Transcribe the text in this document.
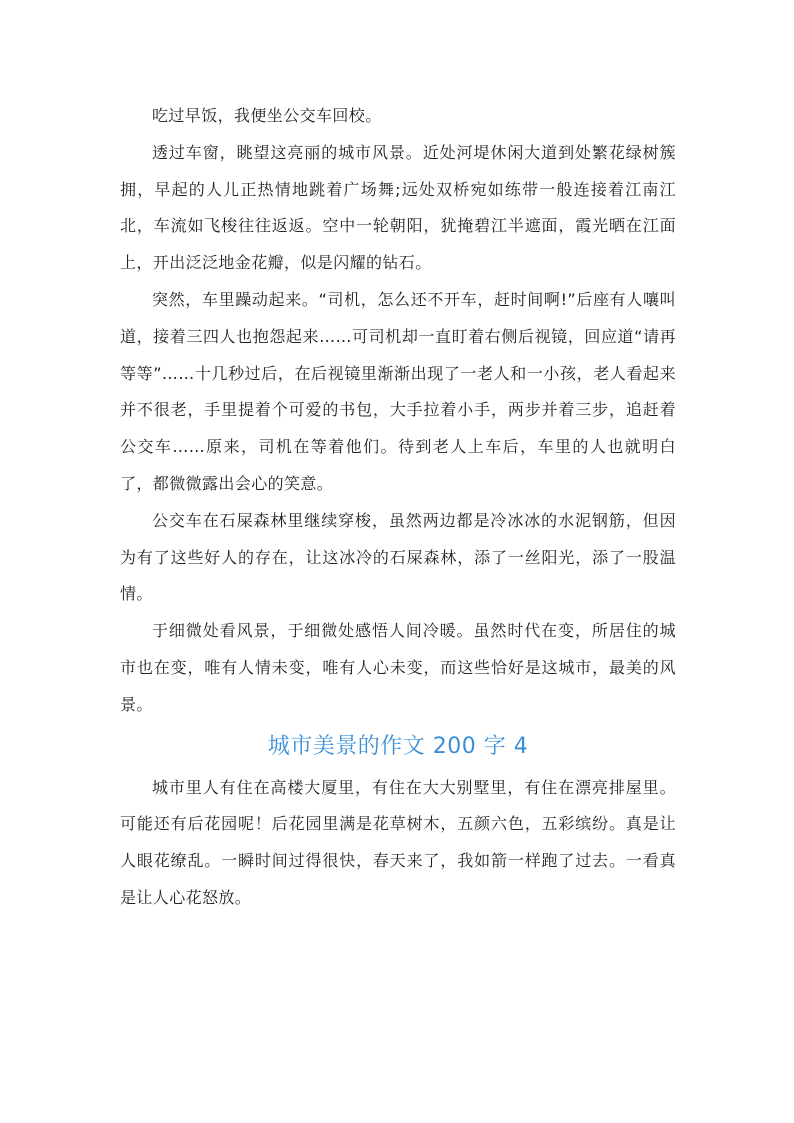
吃过早饭，我便坐公交车回校。

透过车窗，眺望这亮丽的城市风景。近处河堤休闲大道到处繁花绿树簇拥，早起的人儿正热情地跳着广场舞;远处双桥宛如练带一般连接着江南江北，车流如飞梭往往返返。空中一轮朝阳，犹掩碧江半遮面，霞光晒在江面上，开出泛泛地金花瓣，似是闪耀的钻石。

突然，车里躁动起来。“司机，怎么还不开车，赶时间啊!”后座有人嚷叫道，接着三四人也抱怨起来……可司机却一直盯着右侧后视镜，回应道“请再等等”……十几秒过后，在后视镜里渐渐出现了一老人和一小孩，老人看起来并不很老，手里提着个可爱的书包，大手拉着小手，两步并着三步，追赶着公交车……原来，司机在等着他们。待到老人上车后，车里的人也就明白了，都微微露出会心的笑意。

公交车在石屎森林里继续穿梭，虽然两边都是冷冰冰的水泥钢筋，但因为有了这些好人的存在，让这冰冷的石屎森林，添了一丝阳光，添了一股温情。

于细微处看风景，于细微处感悟人间冷暖。虽然时代在变，所居住的城市也在变，唯有人情未变，唯有人心未变，而这些恰好是这城市，最美的风景。

城市美景的作文 200 字 4

城市里人有住在高楼大厦里，有住在大大别墅里，有住在漂亮排屋里。可能还有后花园呢！后花园里满是花草树木，五颜六色，五彩缤纷。真是让人眼花缭乱。一瞬时间过得很快，春天来了，我如箭一样跑了过去。一看真是让人心花怒放。
